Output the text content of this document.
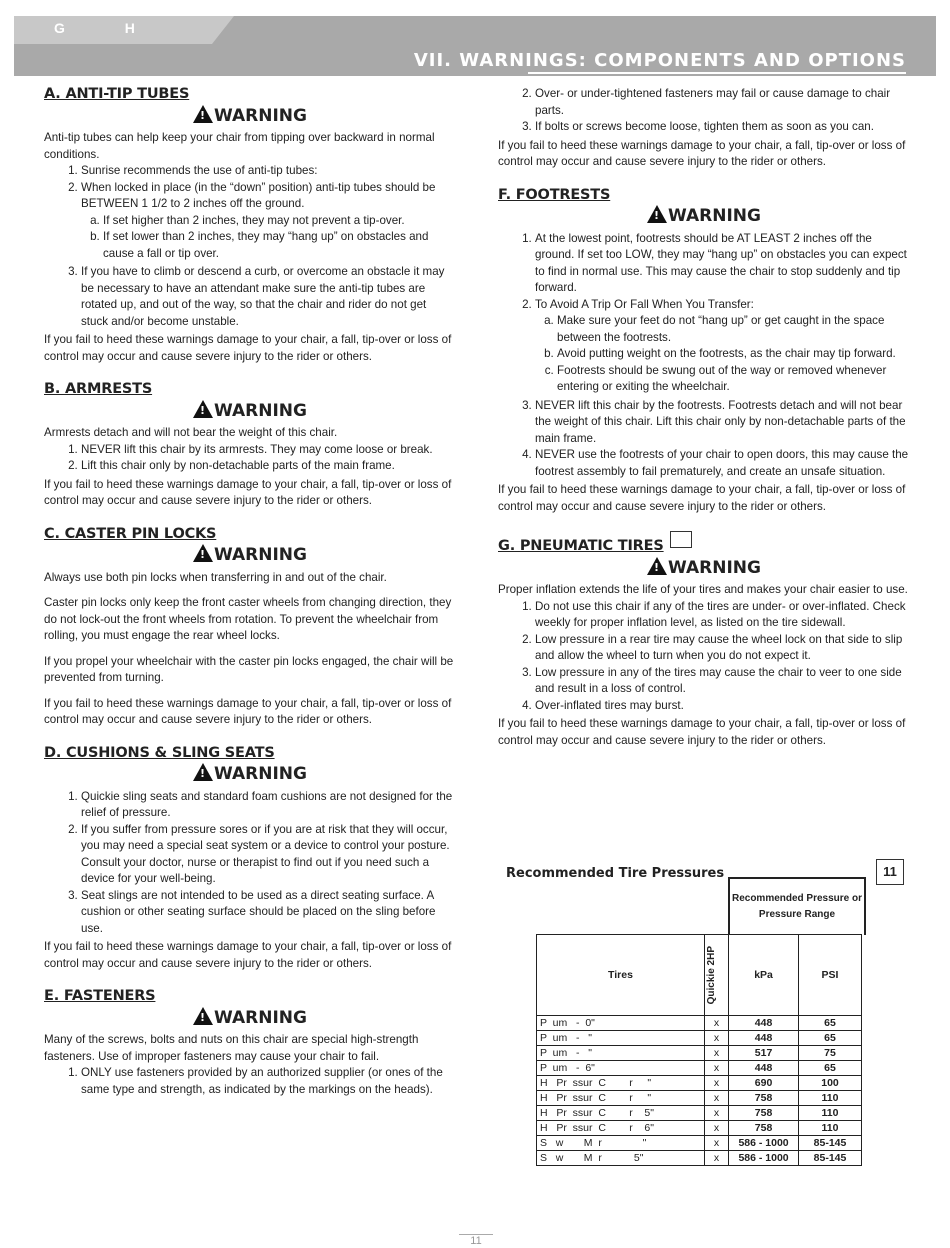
G H
VII. WARNINGS: COMPONENTS AND OPTIONS
A. ANTI-TIP TUBES
! WARNING
Anti-tip tubes can help keep your chair from tipping over backward in normal conditions.
1. Sunrise recommends the use of anti-tip tubes:
2. When locked in place (in the “down” position) anti-tip tubes should be BETWEEN 1 1/2 to 2 inches off the ground.
a. If set higher than 2 inches, they may not prevent a tip-over.
b. If set lower than 2 inches, they may “hang up” on obstacles and cause a fall or tip over.
3. If you have to climb or descend a curb, or overcome an obstacle it may be necessary to have an attendant make sure the anti-tip tubes are rotated up, and out of the way, so that the chair and rider do not get stuck and/or become unstable.
If you fail to heed these warnings damage to your chair, a fall, tip-over or loss of control may occur and cause severe injury to the rider or others.
B. ARMRESTS
! WARNING
Armrests detach and will not bear the weight of this chair.
1. NEVER lift this chair by its armrests. They may come loose or break.
2. Lift this chair only by non-detachable parts of the main frame.
If you fail to heed these warnings damage to your chair, a fall, tip-over or loss of control may occur and cause severe injury to the rider or others.
C. CASTER PIN LOCKS
! WARNING

Always use both pin locks when transferring in and out of the chair.

Caster pin locks only keep the front caster wheels from changing direction, they do not lock-out the front wheels from rotation. To prevent the wheelchair from rolling, you must engage the rear wheel locks.

If you propel your wheelchair with the caster pin locks engaged, the chair will be prevented from turning.

If you fail to heed these warnings damage to your chair, a fall, tip-over or loss of control may occur and cause severe injury to the rider or others.
D. CUSHIONS & SLING SEATS
! WARNING
1. Quickie sling seats and standard foam cushions are not designed for the relief of pressure.
2. If you suffer from pressure sores or if you are at risk that they will occur, you may need a special seat system or a device to control your posture. Consult your doctor, nurse or therapist to find out if you need such a device for your well-being.
3. Seat slings are not intended to be used as a direct seating surface. A cushion or other seating surface should be placed on the sling before use.
If you fail to heed these warnings damage to your chair, a fall, tip-over or loss of control may occur and cause severe injury to the rider or others.
E. FASTENERS
! WARNING
Many of the screws, bolts and nuts on this chair are special high-strength fasteners. Use of improper fasteners may cause your chair to fail.
1. ONLY use fasteners provided by an authorized supplier (or ones of the same type and strength, as indicated by the markings on the heads).
2. Over- or under-tightened fasteners may fail or cause damage to chair parts.
3. If bolts or screws become loose, tighten them as soon as you can.
If you fail to heed these warnings damage to your chair, a fall, tip-over or loss of control may occur and cause severe injury to the rider or others.
F. FOOTRESTS
! WARNING
1. At the lowest point, footrests should be AT LEAST 2 inches off the ground. If set too LOW, they may “hang up” on obstacles you can expect to find in normal use. This may cause the chair to stop suddenly and tip forward.
2. To Avoid A Trip Or Fall When You Transfer:
a. Make sure your feet do not “hang up” or get caught in the space between the footrests.
b. Avoid putting weight on the footrests, as the chair may tip forward.
c. Footrests should be swung out of the way or removed whenever entering or exiting the wheelchair.
3. NEVER lift this chair by the footrests. Footrests detach and will not bear the weight of this chair. Lift this chair only by non-detachable parts of the main frame.
4. NEVER use the footrests of your chair to open doors, this may cause the footrest assembly to fail prematurely, and create an unsafe situation.
If you fail to heed these warnings damage to your chair, a fall, tip-over or loss of control may occur and cause severe injury to the rider or others.
G. PNEUMATIC TIRES
! WARNING
Proper inflation extends the life of your tires and makes your chair easier to use.
1. Do not use this chair if any of the tires are under- or over-inflated. Check weekly for proper inflation level, as listed on the tire sidewall.
2. Low pressure in a rear tire may cause the wheel lock on that side to slip and allow the wheel to turn when you do not expect it.
3. Low pressure in any of the tires may cause the chair to veer to one side and result in a loss of control.
4. Over-inflated tires may burst.
If you fail to heed these warnings damage to your chair, a fall, tip-over or loss of control may occur and cause severe injury to the rider or others.
Recommended Tire Pressures	11
Recommended Pressure or Pressure Range
Tires	Quickie 2HP	kPa	PSI
P  um   -  0"	x	448	65
P  um   -   "	x	448	65
P  um   -   "	x	517	75
P  um   -  6"	x	448	65
H   Pr  ssur  C        r     "	x	690	100
H   Pr  ssur  C        r     "	x	758	110
H   Pr  ssur  C        r    5"	x	758	110
H   Pr  ssur  C        r    6"	x	758	110
S   w       M  r              "	x	586 - 1000	85-145
S   w       M  r           5"	x	586 - 1000	85-145
11
